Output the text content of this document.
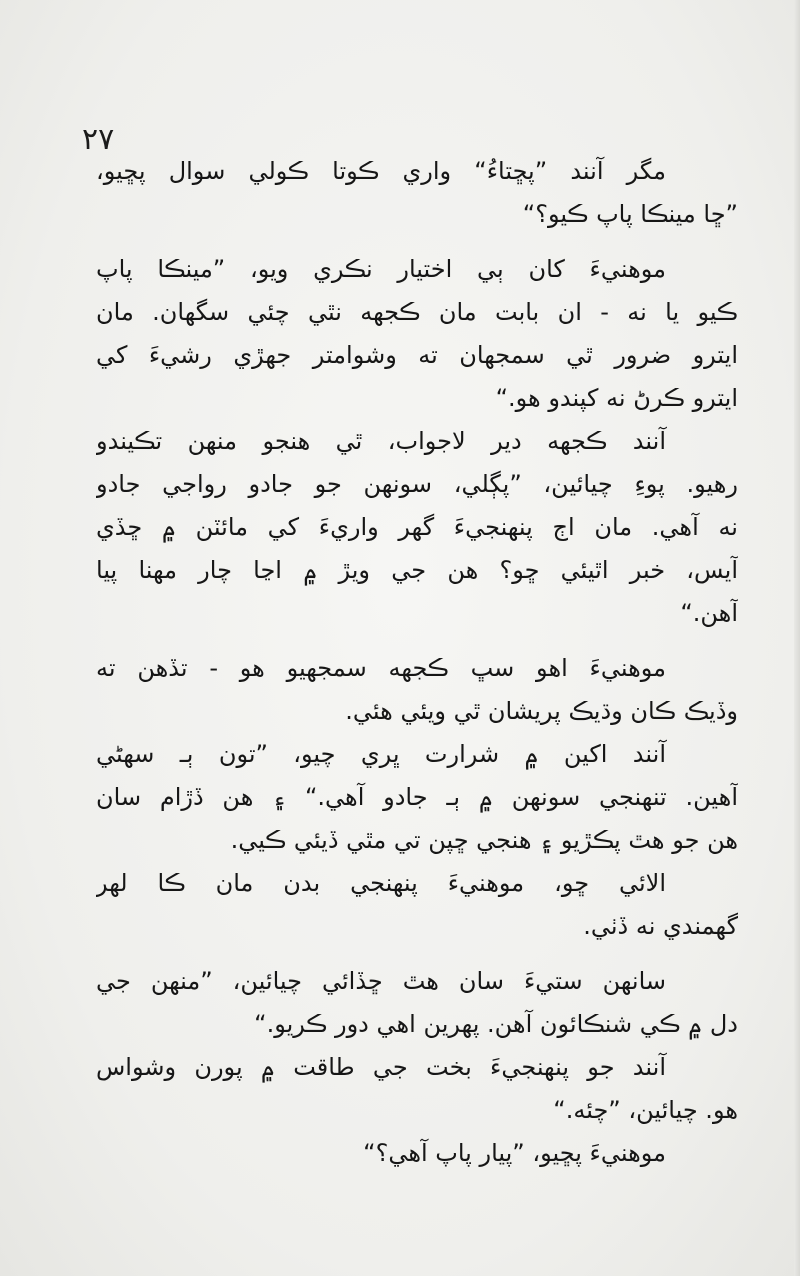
٢٧
مگر آنند ”پڇتاءُ“ واري ڪوتا ڪولي سوال پڇيو،
”ڇا مينڪا پاپ ڪيو؟“
موهنيءَ کان ٻي اختيار نڪري ويو، ”مينڪا پاپ
ڪيو يا نه - ان بابت مان ڪجهه نٿي چئي سگهان. مان
ايترو ضرور ٿي سمجهان ته وشوامتر جهڙي رشيءَ کي
ايترو ڪرڻ نه کپندو هو.“
آنند ڪجهه دير لاجواب، ٿي هنجو منهن تڪيندو
رهيو. پوءِ چيائين، ”پڳلي، سونهن جو جادو رواجي جادو
نه آهي. مان اڄ پنهنجيءَ گهر واريءَ کي مائٽن ۾ ڇڏي
آيس، خبر اٿيئي ڇو؟ هن جي ويڙ ۾ اڃا چار مهنا پيا
آهن.“
موهنيءَ اهو سڀ ڪجهه سمجهيو هو - تڏهن ته
وڏيڪ ڪان وڌيڪ پريشان ٿي ويئي هئي.
آنند اکين ۾ شرارت ڀري چيو، ”تون ٻـ سهڻي
آهين. تنهنجي سونهن ۾ ٻـ جادو آهي.“ ۽ هن ڏڙام سان
هن جو هٿ پڪڙيو ۽ هنجي ڇپن تي مٿي ڏيئي ڪيي.
الائي ڇو، موهنيءَ پنهنجي بدن مان ڪا لهر
گهمندي نه ڏٺي.
سانهن ستيءَ سان هٿ ڇڏائي چيائين، ”منهن جي
دل ۾ ڪي شنڪائون آهن. پهرين اهي دور ڪريو.“
آنند جو پنهنجيءَ بخت جي طاقت ۾ پورن وشواس
هو. چيائين، ”چئه.“
موهنيءَ پڇيو، ”پيار پاپ آهي؟“
